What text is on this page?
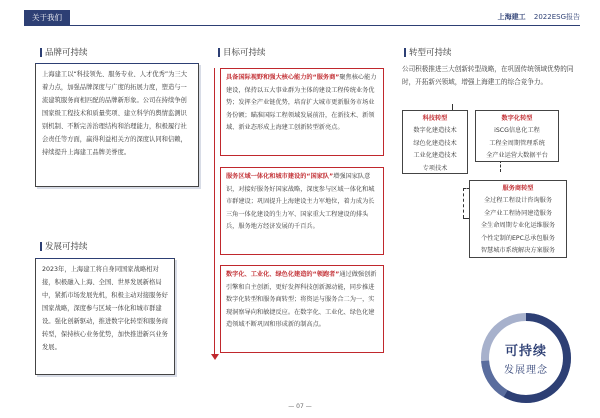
关于我们	上海建工 2022ESG报告
品牌可持续
上海建工以“科技领先、服务专业、人才优秀”为三大着力点，加强品牌深度与广度的拓展力度，塑造与一流建筑服务商相匹配的品牌新形象。公司在持续争创国家级工程技术和质量奖项、建立科学的舆情监测识别机制、不断完善治理结构和治理能力，积极履行社会责任等方面，赢得利益相关方的深度认同和信赖，持续提升上海建工品牌美誉度。
发展可持续
2023年，上海建工将自身同国家战略相对接，积极融入上海、全国、世界发展新格局中，紧抓市场发展先机，积极主动对接服务好国家战略，深度参与区域一体化和城市群建设。强化创新驱动，推进数字化转型和服务商转型，保持核心业务优势，加快推进新兴业务发展。
目标可持续
具备国际视野和强大核心能力的“服务商”聚焦核心能力建设，保持以五大事业群为主体的建设工程传统业务优势；发挥全产业链优势，培育扩大城市更新服务市场业务份额；瞄准国际工程领域发展前沿，在新技术、新领域、新业态形成上海建工创新转型新亮点。
服务区域一体化和城市建设的“国家队”增强国家队意识，对接好服务好国家战略，深度参与区域一体化和城市群建设；巩固提升上海建设主力军地位，着力成为长三角一体化建设的生力军、国家重大工程建设的排头兵，服务地方经济发展的千百兵。
数字化、工业化、绿色化建造的“领跑者”通过做强创新引擎和自主创新，更好发挥科技创新源动能，同步推进数字化转型和服务商转型；将资运与服务合二为一，实现洞察导向和敏捷反应。在数字化、工业化、绿色化建造领域不断巩固和形成新的制高点。
转型可持续
公司积极推进三大创新转型战略，在巩固传统领域优势的同时，开拓新兴领域，增强上海建工的综合竞争力。
科技转型
数字化建造技术
绿色化建造技术
工业化建造技术
专项技术
数字化转型
iSCG信息化工程
工程全周期管理系统
全产业运营大数据平台
服务商转型
全过程工程设计咨询服务
全产业工程协同建造服务
全生命周期专业化运维服务
个性定制的EPC总承包服务
智慧城市系统解决方案服务
可持续
发展理念
— 07 —
